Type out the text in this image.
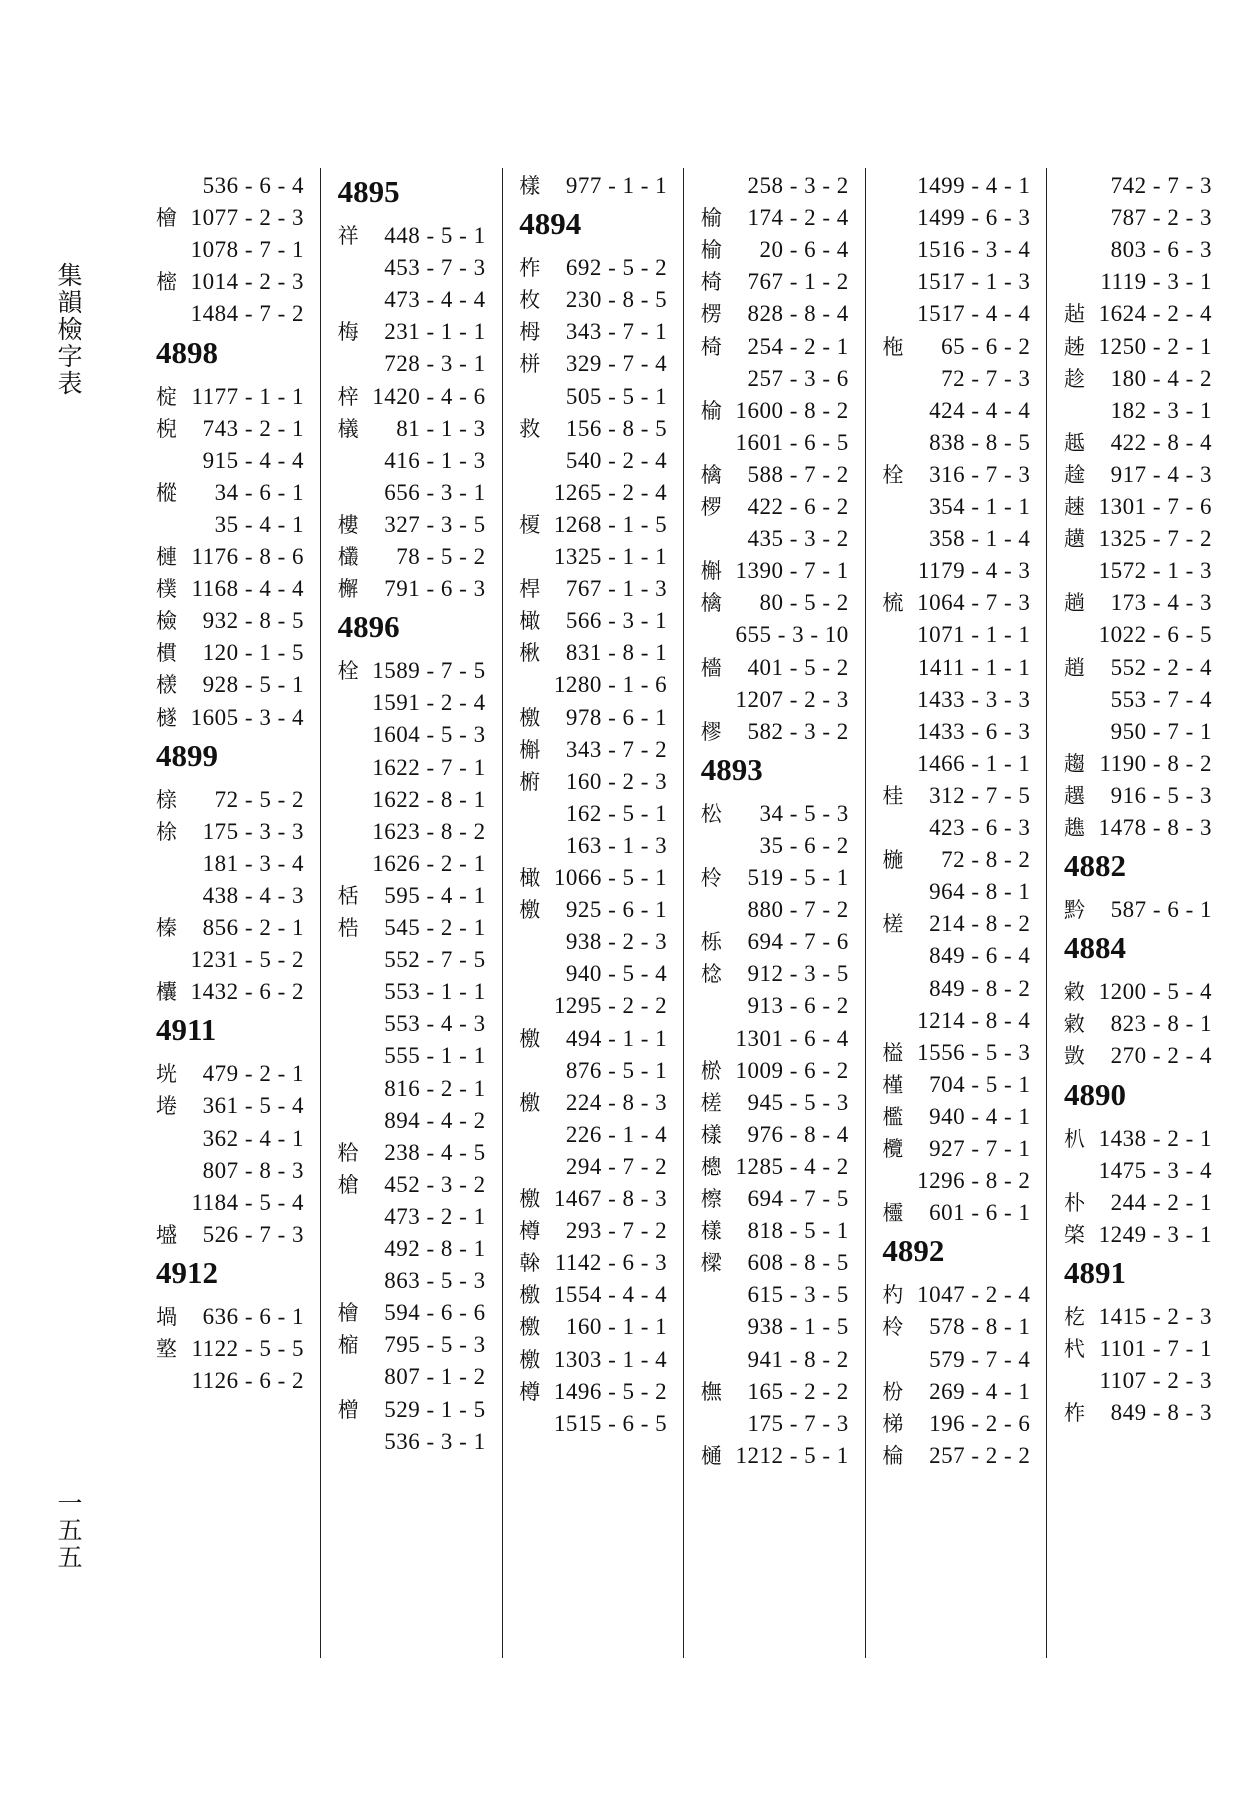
集韻檢字表
一五五
536 - 6 - 4
檜 1077 - 2 - 3
1078 - 7 - 1
樒 1014 - 2 - 3
1484 - 7 - 2
4898
椗 1177 - 1 - 1
棿 743 - 2 - 1
915 - 4 - 4
樅 34 - 6 - 1
35 - 4 - 1
槤 1176 - 8 - 6
樸 1168 - 4 - 4
檢 932 - 8 - 5
樌 120 - 1 - 5
檨 928 - 5 - 1
檖 1605 - 3 - 4
4899
榇 72 - 5 - 2
梌 175 - 3 - 3
181 - 3 - 4
438 - 4 - 3
榛 856 - 2 - 1
1231 - 5 - 2
欜 1432 - 6 - 2
4911
垙 479 - 2 - 1
埢 361 - 5 - 4
362 - 4 - 1
807 - 8 - 3
1184 - 5 - 4
墭 526 - 7 - 3
4912
堝 636 - 6 - 1
墪 1122 - 5 - 5
1126 - 6 - 2
4895
祥 448 - 5 - 1
453 - 7 - 3
473 - 4 - 4
梅 231 - 1 - 1
728 - 3 - 1
梓 1420 - 4 - 6
檥 81 - 1 - 3
416 - 1 - 3
656 - 3 - 1
樓 327 - 3 - 5
欉 78 - 5 - 2
檞 791 - 6 - 3
4896
栓 1589 - 7 - 5
1591 - 2 - 4
1604 - 5 - 3
1622 - 7 - 1
1622 - 8 - 1
1623 - 8 - 2
1626 - 2 - 1
栝 595 - 4 - 1
梏 545 - 2 - 1
552 - 7 - 5
553 - 1 - 1
553 - 4 - 3
555 - 1 - 1
816 - 2 - 1
894 - 4 - 2
粭 238 - 4 - 5
槍 452 - 3 - 2
473 - 2 - 1
492 - 8 - 1
863 - 5 - 3
檜 594 - 6 - 6
樎 795 - 5 - 3
807 - 1 - 2
橧 529 - 1 - 5
536 - 3 - 1
樣 977 - 1 - 1
4894
柞 692 - 5 - 2
枚 230 - 8 - 5
栂 343 - 7 - 1
栟 329 - 7 - 4
505 - 5 - 1
救 156 - 8 - 5
540 - 2 - 4
1265 - 2 - 4
榎 1268 - 1 - 5
1325 - 1 - 1
桿 767 - 1 - 3
橄 566 - 3 - 1
楸 831 - 8 - 1
1280 - 1 - 6
檄 978 - 6 - 1
槲 343 - 7 - 2
椨 160 - 2 - 3
162 - 5 - 1
163 - 1 - 3
橄 1066 - 5 - 1
檄 925 - 6 - 1
938 - 2 - 3
940 - 5 - 4
1295 - 2 - 2
檄 494 - 1 - 1
876 - 5 - 1
檄 224 - 8 - 3
226 - 1 - 4
294 - 7 - 2
檄 1467 - 8 - 3
樽 293 - 7 - 2
榦 1142 - 6 - 3
檄 1554 - 4 - 4
檄 160 - 1 - 1
檄 1303 - 1 - 4
樽 1496 - 5 - 2
1515 - 6 - 5
258 - 3 - 2
榆 174 - 2 - 4
榆 20 - 6 - 4
椅 767 - 1 - 2
楞 828 - 8 - 4
椅 254 - 2 - 1
257 - 3 - 6
榆 1600 - 8 - 2
1601 - 6 - 5
檎 588 - 7 - 2
椤 422 - 6 - 2
435 - 3 - 2
槲 1390 - 7 - 1
檎 80 - 5 - 2
655 - 3 - 10
檣 401 - 5 - 2
1207 - 2 - 3
樛 582 - 3 - 2
4893
松 34 - 5 - 3
35 - 6 - 2
柃 519 - 5 - 1
880 - 7 - 2
栎 694 - 7 - 6
棯 912 - 3 - 5
913 - 6 - 2
1301 - 6 - 4
棜 1009 - 6 - 2
槎 945 - 5 - 3
樣 976 - 8 - 4
樬 1285 - 4 - 2
檫 694 - 7 - 5
樣 818 - 5 - 1
樑 608 - 8 - 5
615 - 3 - 5
938 - 1 - 5
941 - 8 - 2
橅 165 - 2 - 2
175 - 7 - 3
樋 1212 - 5 - 1
1499 - 4 - 1
1499 - 6 - 3
1516 - 3 - 4
1517 - 1 - 3
1517 - 4 - 4
柂 65 - 6 - 2
72 - 7 - 3
424 - 4 - 4
838 - 8 - 5
栓 316 - 7 - 3
354 - 1 - 1
358 - 1 - 4
1179 - 4 - 3
梳 1064 - 7 - 3
1071 - 1 - 1
1411 - 1 - 1
1433 - 3 - 3
1433 - 6 - 3
1466 - 1 - 1
桂 312 - 7 - 5
423 - 6 - 3
椸 72 - 8 - 2
964 - 8 - 1
槎 214 - 8 - 2
849 - 6 - 4
849 - 8 - 2
1214 - 8 - 4
榏 1556 - 5 - 3
槿 704 - 5 - 1
檻 940 - 4 - 1
欖 927 - 7 - 1
1296 - 8 - 2
欞 601 - 6 - 1
4892
杓 1047 - 2 - 4
柃 578 - 8 - 1
579 - 7 - 4
枌 269 - 4 - 1
梯 196 - 2 - 6
棆 257 - 2 - 2
742 - 7 - 3
787 - 2 - 3
803 - 6 - 3
1119 - 3 - 1
趈 1624 - 2 - 4
趀 1250 - 2 - 1
趁 180 - 4 - 2
182 - 3 - 1
趆 422 - 8 - 4
趛 917 - 4 - 3
趚 1301 - 7 - 6
趪 1325 - 7 - 2
1572 - 1 - 3
趟 173 - 4 - 3
1022 - 6 - 5
趙 552 - 2 - 4
553 - 7 - 4
950 - 7 - 1
趨 1190 - 8 - 2
趩 916 - 5 - 3
趭 1478 - 8 - 3
4882
黔 587 - 6 - 1
4884
敹 1200 - 5 - 4
敹 823 - 8 - 1
敳 270 - 2 - 4
4890
朳 1438 - 2 - 1
1475 - 3 - 4
朴 244 - 2 - 1
棨 1249 - 3 - 1
4891
杚 1415 - 2 - 3
杙 1101 - 7 - 1
1107 - 2 - 3
柞 849 - 8 - 3
